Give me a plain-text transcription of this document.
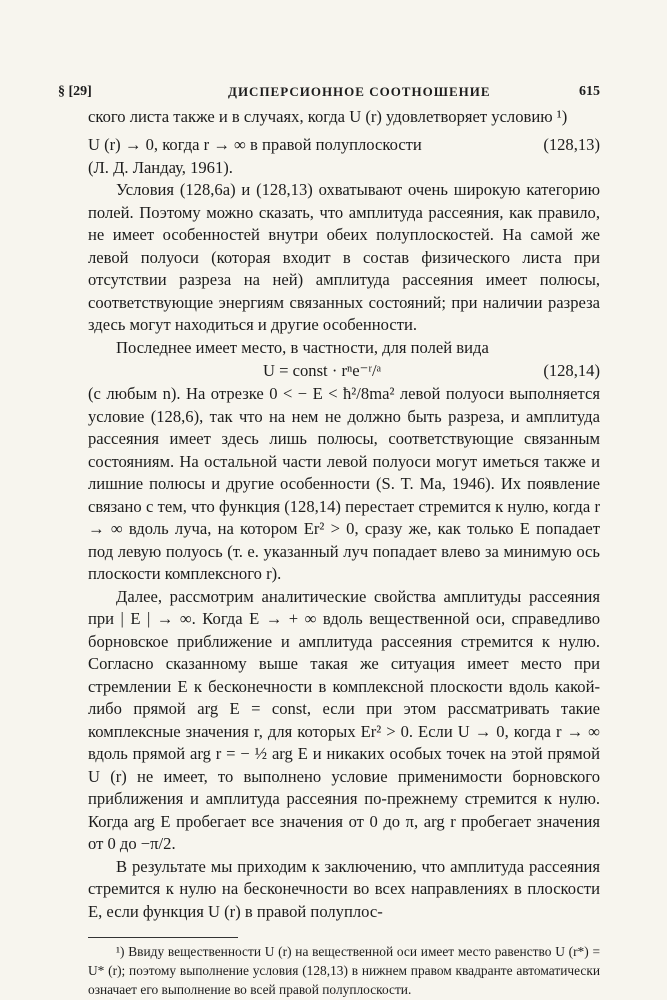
§ [29]	ДИСПЕРСИОННОЕ СООТНОШЕНИЕ	615

ского листа также и в случаях, когда U (r) удовлетворяет условию ¹)

U (r) → 0, когда r → ∞ в правой полуплоскости	(128,13)

(Л. Д. Ландау, 1961).

Условия (128,6а) и (128,13) охватывают очень широкую категорию полей. Поэтому можно сказать, что амплитуда рассеяния, как правило, не имеет особенностей внутри обеих полуплоскостей. На самой же левой полуоси (которая входит в состав физического листа при отсутствии разреза на ней) амплитуда рассеяния имеет полюсы, соответствующие энергиям связанных состояний; при наличии разреза здесь могут находиться и другие особенности.

Последнее имеет место, в частности, для полей вида

U = const · rⁿe⁻ʳ/ᵃ	(128,14)

(с любым n). На отрезке 0 < − E < ħ²/8ma² левой полуоси выполняется условие (128,6), так что на нем не должно быть разреза, и амплитуда рассеяния имеет здесь лишь полюсы, соответствующие связанным состояниям. На остальной части левой полуоси могут иметься также и лишние полюсы и другие особенности (S. T. Ma, 1946). Их появление связано с тем, что функция (128,14) перестает стремится к нулю, когда r → ∞ вдоль луча, на котором Er² > 0, сразу же, как только E попадает под левую полуось (т. е. указанный луч попадает влево за минимую ось плоскости комплексного r).

Далее, рассмотрим аналитические свойства амплитуды рассеяния при | E | → ∞. Когда E → + ∞ вдоль вещественной оси, справедливо борновское приближение и амплитуда рассеяния стремится к нулю. Согласно сказанному выше такая же ситуация имеет место при стремлении E к бесконечности в комплексной плоскости вдоль какой-либо прямой arg E = const, если при этом рассматривать такие комплексные значения r, для которых Er² > 0. Если U → 0, когда r → ∞ вдоль прямой arg r = − ½ arg E и никаких особых точек на этой прямой U (r) не имеет, то выполнено условие применимости борновского приближения и амплитуда рассеяния по-прежнему стремится к нулю. Когда arg E пробегает все значения от 0 до π, arg r пробегает значения от 0 до −π/2.

В результате мы приходим к заключению, что амплитуда рассеяния стремится к нулю на бесконечности во всех направлениях в плоскости E, если функция U (r) в правой полуплос-

¹) Ввиду вещественности U (r) на вещественной оси имеет место равенство U (r*) = U* (r); поэтому выполнение условия (128,13) в нижнем правом квадранте автоматически означает его выполнение во всей правой полуплоскости.
